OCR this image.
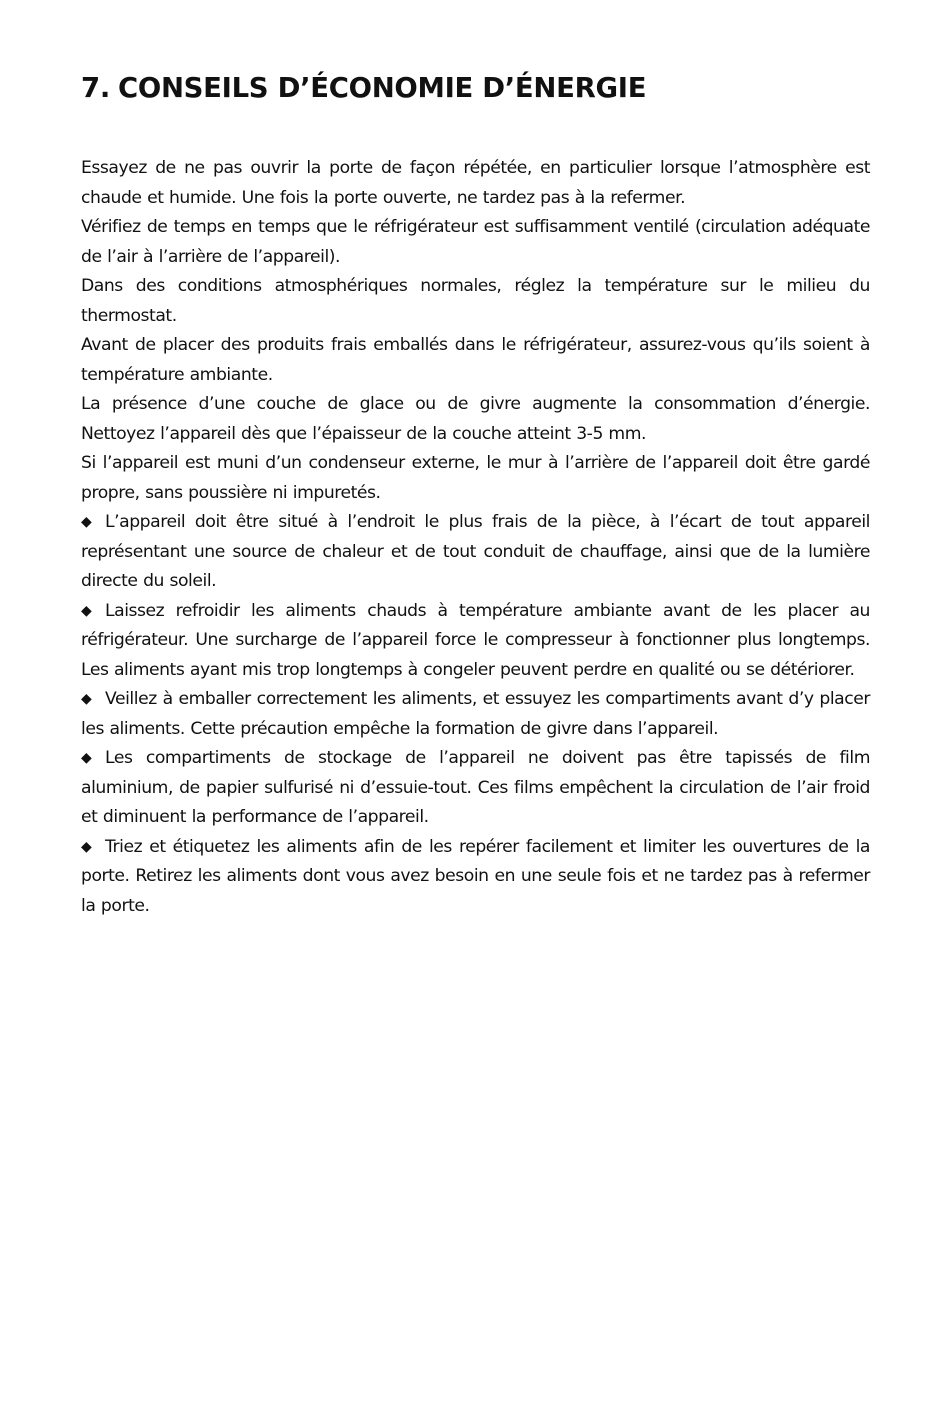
7. CONSEILS D’ÉCONOMIE D’ÉNERGIE

Essayez de ne pas ouvrir la porte de façon répétée, en particulier lorsque l’atmosphère est chaude et humide. Une fois la porte ouverte, ne tardez pas à la refermer.

Vérifiez de temps en temps que le réfrigérateur est suffisamment ventilé (circulation adéquate de l’air à l’arrière de l’appareil).

Dans des conditions atmosphériques normales, réglez la température sur le milieu du thermostat.

Avant de placer des produits frais emballés dans le réfrigérateur, assurez-vous qu’ils soient à température ambiante.

La présence d’une couche de glace ou de givre augmente la consommation d’énergie. Nettoyez l’appareil dès que l’épaisseur de la couche atteint 3-5 mm.

Si l’appareil est muni d’un condenseur externe, le mur à l’arrière de l’appareil doit être gardé propre, sans poussière ni impuretés.

◆ L’appareil doit être situé à l’endroit le plus frais de la pièce, à l’écart de tout appareil représentant une source de chaleur et de tout conduit de chauffage, ainsi que de la lumière directe du soleil.

◆ Laissez refroidir les aliments chauds à température ambiante avant de les placer au réfrigérateur. Une surcharge de l’appareil force le compresseur à fonctionner plus longtemps. Les aliments ayant mis trop longtemps à congeler peuvent perdre en qualité ou se détériorer.

◆ Veillez à emballer correctement les aliments, et essuyez les compartiments avant d’y placer les aliments. Cette précaution empêche la formation de givre dans l’appareil.

◆ Les compartiments de stockage de l’appareil ne doivent pas être tapissés de film aluminium, de papier sulfurisé ni d’essuie-tout. Ces films empêchent la circulation de l’air froid et diminuent la performance de l’appareil.

◆ Triez et étiquetez les aliments afin de les repérer facilement et limiter les ouvertures de la porte. Retirez les aliments dont vous avez besoin en une seule fois et ne tardez pas à refermer la porte.
